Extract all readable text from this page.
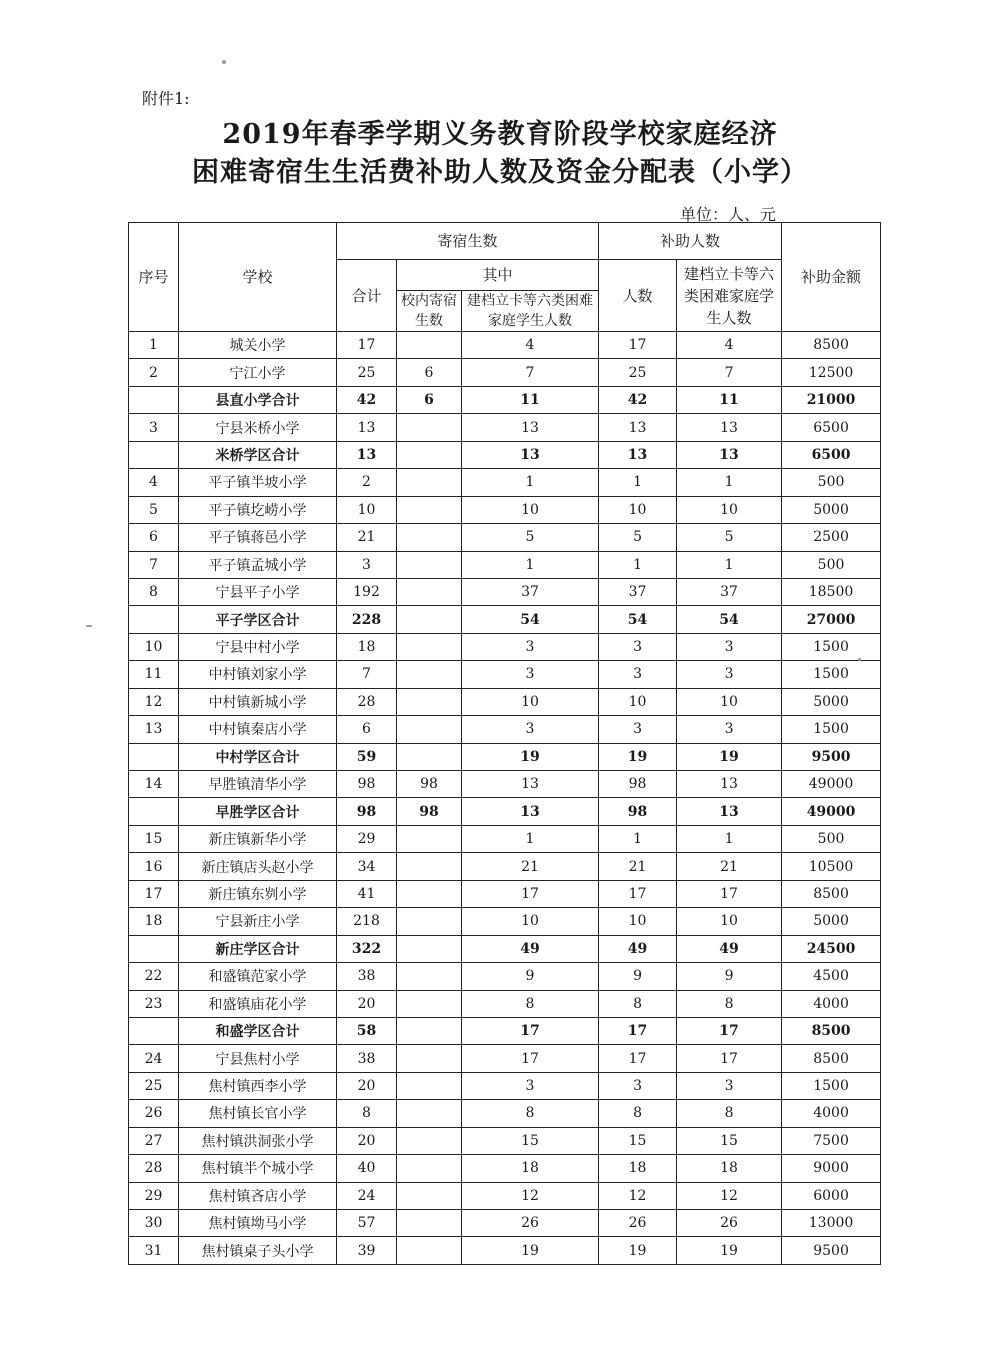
附件1:
2019年春季学期义务教育阶段学校家庭经济
困难寄宿生生活费补助人数及资金分配表（小学）
单位：人、元
序号	学校	寄宿生数			补助人数		补助金额
		合计	其中		人数	建档立卡等六类困难家庭学生人数	
			校内寄宿生数	建档立卡等六类困难家庭学生人数			
1	城关小学	17		4	17	4	8500
2	宁江小学	25	6	7	25	7	12500
	县直小学合计	42	6	11	42	11	21000
3	宁县米桥小学	13		13	13	13	6500
	米桥学区合计	13		13	13	13	6500
4	平子镇半坡小学	2		1	1	1	500
5	平子镇圪崂小学	10		10	10	10	5000
6	平子镇蒋邑小学	21		5	5	5	2500
7	平子镇孟城小学	3		1	1	1	500
8	宁县平子小学	192		37	37	37	18500
	平子学区合计	228		54	54	54	27000
10	宁县中村小学	18		3	3	3	1500
11	中村镇刘家小学	7		3	3	3	1500
12	中村镇新城小学	28		10	10	10	5000
13	中村镇秦店小学	6		3	3	3	1500
	中村学区合计	59		19	19	19	9500
14	早胜镇清华小学	98	98	13	98	13	49000
	早胜学区合计	98	98	13	98	13	49000
15	新庄镇新华小学	29		1	1	1	500
16	新庄镇店头赵小学	34		21	21	21	10500
17	新庄镇东刿小学	41		17	17	17	8500
18	宁县新庄小学	218		10	10	10	5000
	新庄学区合计	322		49	49	49	24500
22	和盛镇范家小学	38		9	9	9	4500
23	和盛镇庙花小学	20		8	8	8	4000
	和盛学区合计	58		17	17	17	8500
24	宁县焦村小学	38		17	17	17	8500
25	焦村镇西李小学	20		3	3	3	1500
26	焦村镇长官小学	8		8	8	8	4000
27	焦村镇洪洞张小学	20		15	15	15	7500
28	焦村镇半个城小学	40		18	18	18	9000
29	焦村镇吝店小学	24		12	12	12	6000
30	焦村镇坳马小学	57		26	26	26	13000
31	焦村镇桌子头小学	39		19	19	19	9500
